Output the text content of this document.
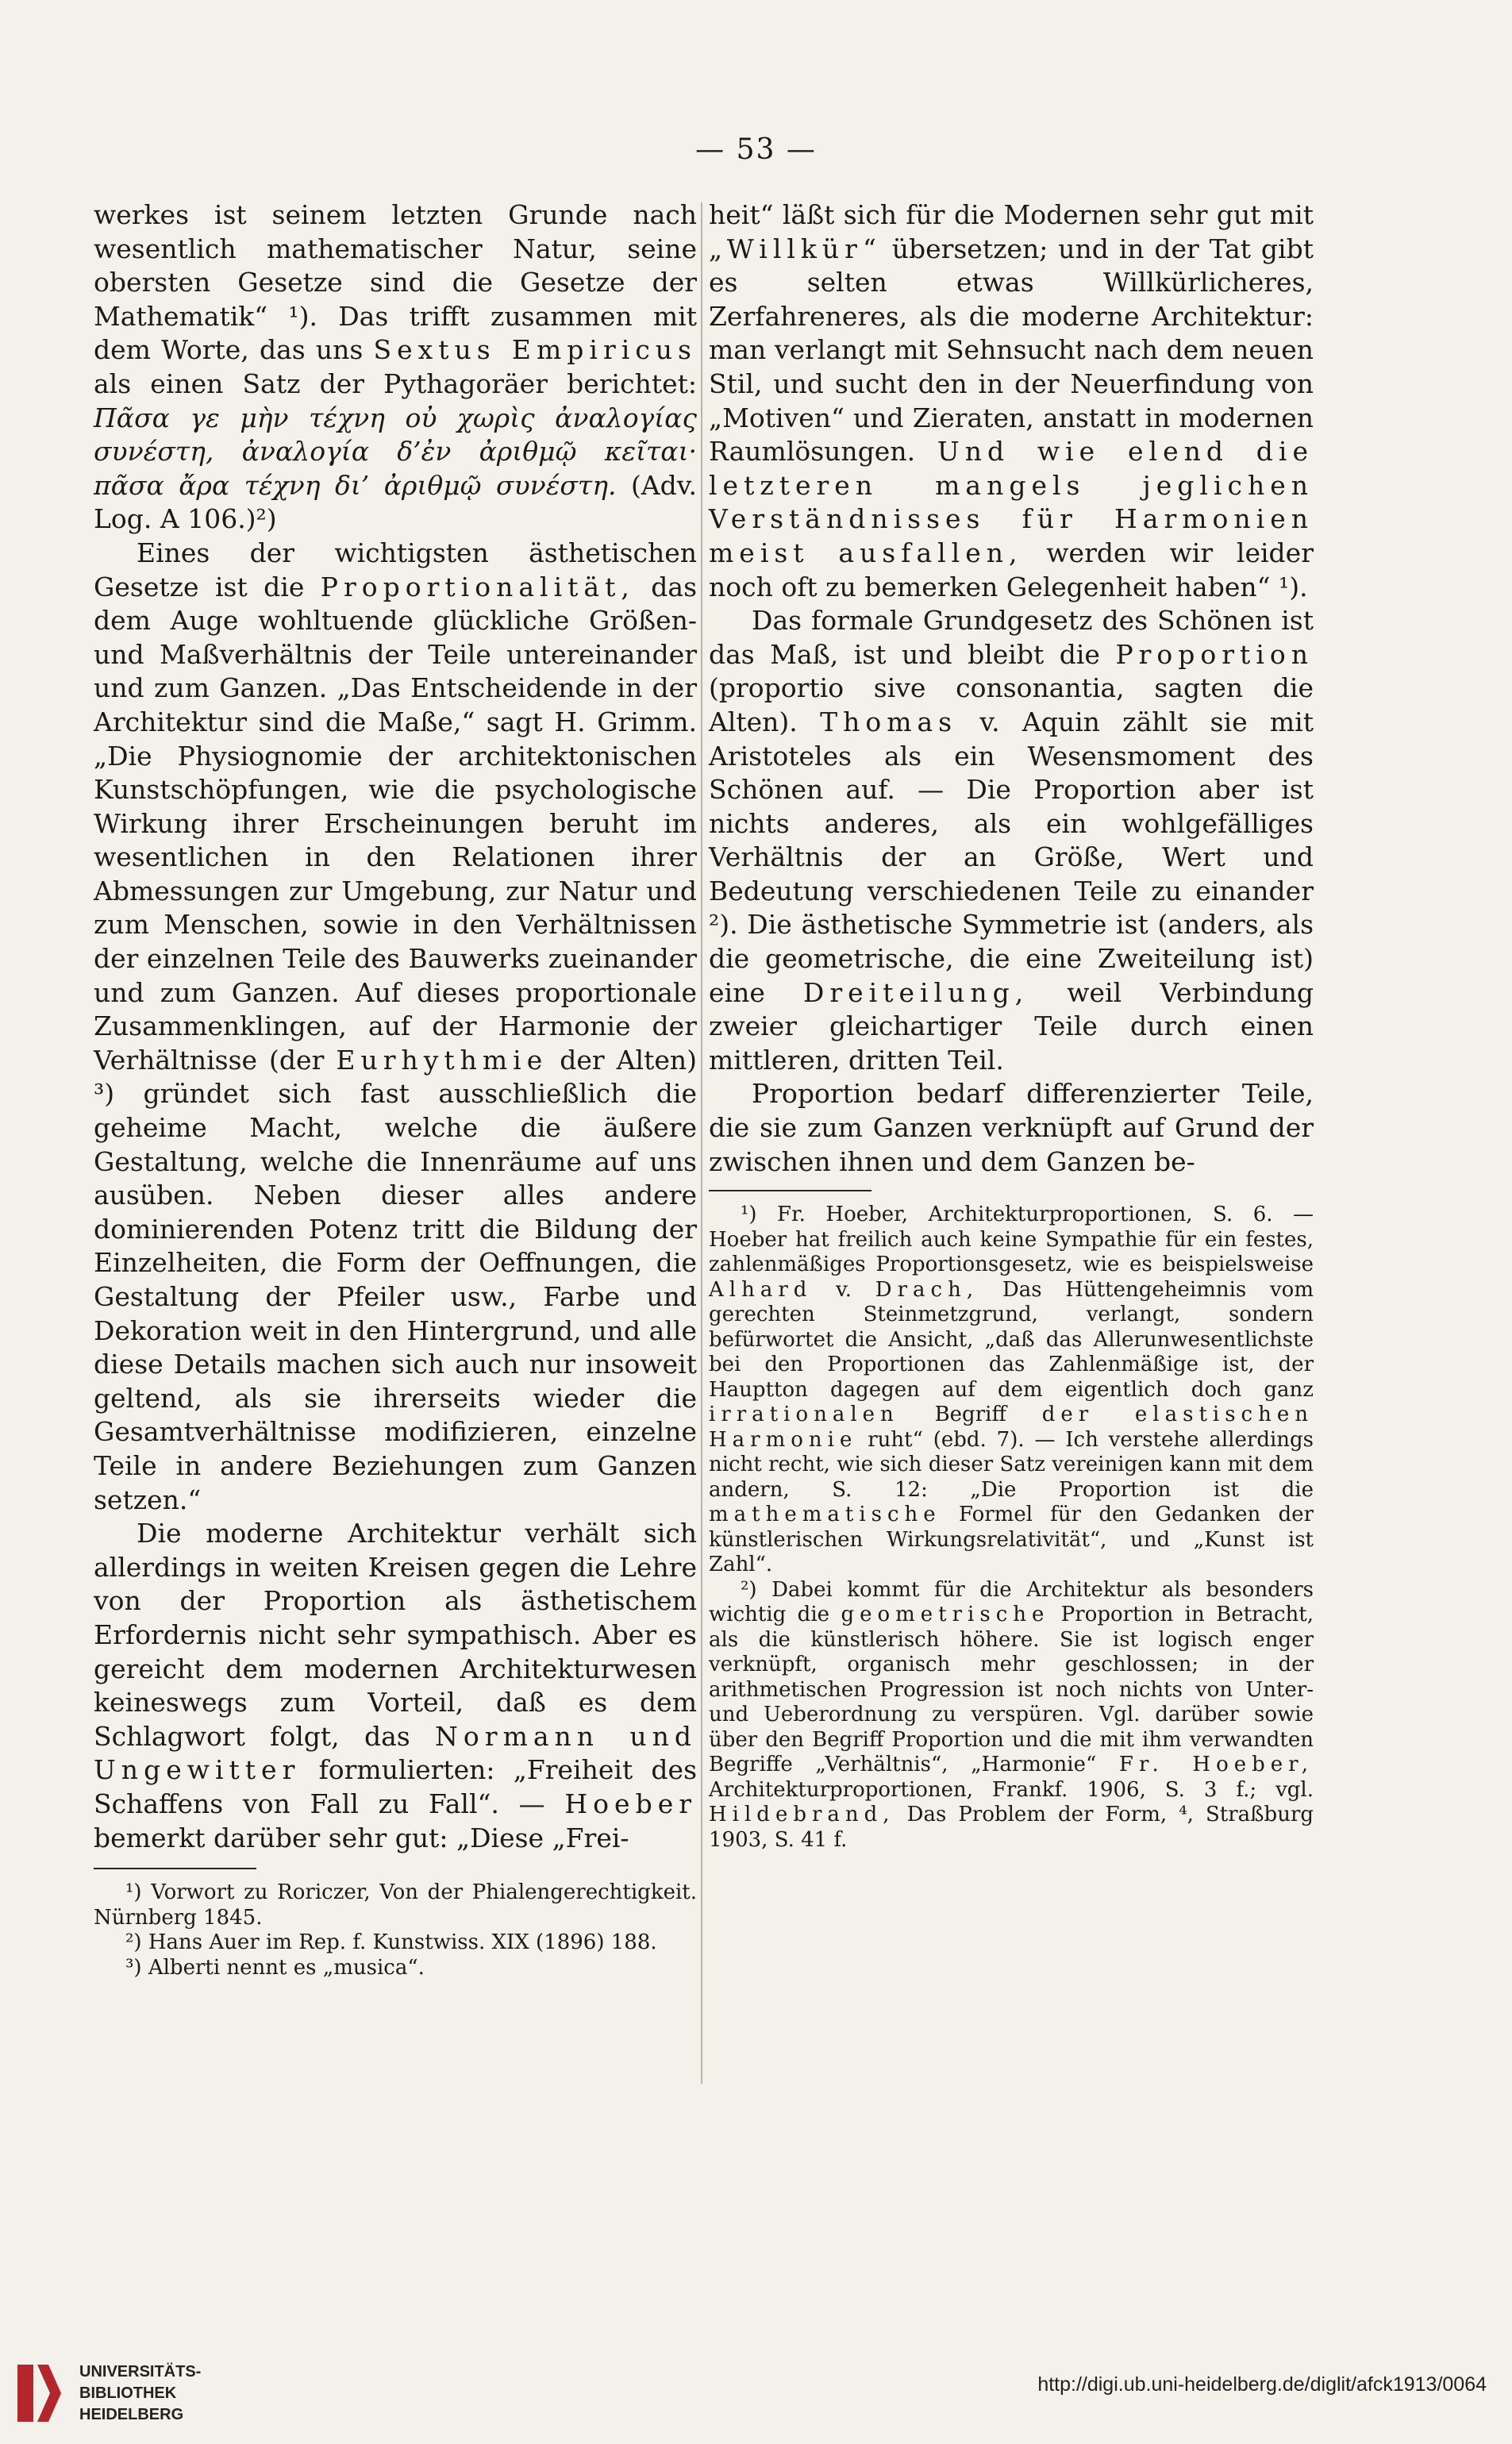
— 53 —

werkes ist seinem letzten Grunde nach wesentlich mathematischer Natur, seine obersten Gesetze sind die Gesetze der Mathematik“ ¹). Das trifft zusammen mit dem Worte, das uns Sextus Empiricus als einen Satz der Pythagoräer berichtet: Πᾶσα γε μὴν τέχνη οὐ χωρὶς ἀναλογίας συνέστη, ἀναλογία δ’ἐν ἀριθμῷ κεῖται· πᾶσα ἄρα τέχνη δι’ ἀριθμῷ συνέστη. (Adv. Log. A 106.)²)

Eines der wichtigsten ästhetischen Gesetze ist die Proportionalität, das dem Auge wohltuende glückliche Größen- und Maßverhältnis der Teile untereinander und zum Ganzen. „Das Entscheidende in der Architektur sind die Maße,“ sagt H. Grimm. „Die Physiognomie der architektonischen Kunstschöpfungen, wie die psychologische Wirkung ihrer Erscheinungen beruht im wesentlichen in den Relationen ihrer Abmessungen zur Umgebung, zur Natur und zum Menschen, sowie in den Verhältnissen der einzelnen Teile des Bauwerks zueinander und zum Ganzen. Auf dieses proportionale Zusammenklingen, auf der Harmonie der Verhältnisse (der Eurhythmie der Alten) ³) gründet sich fast ausschließlich die geheime Macht, welche die äußere Gestaltung, welche die Innenräume auf uns ausüben. Neben dieser alles andere dominierenden Potenz tritt die Bildung der Einzelheiten, die Form der Oeffnungen, die Gestaltung der Pfeiler usw., Farbe und Dekoration weit in den Hintergrund, und alle diese Details machen sich auch nur insoweit geltend, als sie ihrerseits wieder die Gesamtverhältnisse modifizieren, einzelne Teile in andere Beziehungen zum Ganzen setzen.“

Die moderne Architektur verhält sich allerdings in weiten Kreisen gegen die Lehre von der Proportion als ästhetischem Erfordernis nicht sehr sympathisch. Aber es gereicht dem modernen Architekturwesen keineswegs zum Vorteil, daß es dem Schlagwort folgt, das Normann und Ungewitter formulierten: „Freiheit des Schaffens von Fall zu Fall“. — Hoeber bemerkt darüber sehr gut: „Diese „Frei-

¹) Vorwort zu Roriczer, Von der Phialengerechtigkeit. Nürnberg 1845.

²) Hans Auer im Rep. f. Kunstwiss. XIX (1896) 188.

³) Alberti nennt es „musica“.

heit“ läßt sich für die Modernen sehr gut mit „Willkür“ übersetzen; und in der Tat gibt es selten etwas Willkürlicheres, Zerfahreneres, als die moderne Architektur: man verlangt mit Sehnsucht nach dem neuen Stil, und sucht den in der Neuerfindung von „Motiven“ und Zieraten, anstatt in modernen Raumlösungen. Und wie elend die letzteren mangels jeglichen Verständnisses für Harmonien meist ausfallen, werden wir leider noch oft zu bemerken Gelegenheit haben“ ¹).

Das formale Grundgesetz des Schönen ist das Maß, ist und bleibt die Proportion (proportio sive consonantia, sagten die Alten). Thomas v. Aquin zählt sie mit Aristoteles als ein Wesensmoment des Schönen auf. — Die Proportion aber ist nichts anderes, als ein wohlgefälliges Verhältnis der an Größe, Wert und Bedeutung verschiedenen Teile zu einander ²). Die ästhetische Symmetrie ist (anders, als die geometrische, die eine Zweiteilung ist) eine Dreiteilung, weil Verbindung zweier gleichartiger Teile durch einen mittleren, dritten Teil.

Proportion bedarf differenzierter Teile, die sie zum Ganzen verknüpft auf Grund der zwischen ihnen und dem Ganzen be-

¹) Fr. Hoeber, Architekturproportionen, S. 6. — Hoeber hat freilich auch keine Sympathie für ein festes, zahlenmäßiges Proportionsgesetz, wie es beispielsweise Alhard v. Drach, Das Hüttengeheimnis vom gerechten Steinmetzgrund, verlangt, sondern befürwortet die Ansicht, „daß das Allerunwesentlichste bei den Proportionen das Zahlenmäßige ist, der Hauptton dagegen auf dem eigentlich doch ganz irrationalen Begriff der elastischen Harmonie ruht“ (ebd. 7). — Ich verstehe allerdings nicht recht, wie sich dieser Satz vereinigen kann mit dem andern, S. 12: „Die Proportion ist die mathematische Formel für den Gedanken der künstlerischen Wirkungsrelativität“, und „Kunst ist Zahl“.

²) Dabei kommt für die Architektur als besonders wichtig die geometrische Proportion in Betracht, als die künstlerisch höhere. Sie ist logisch enger verknüpft, organisch mehr geschlossen; in der arithmetischen Progression ist noch nichts von Unter- und Ueberordnung zu verspüren. Vgl. darüber sowie über den Begriff Proportion und die mit ihm verwandten Begriffe „Verhältnis“, „Harmonie“ Fr. Hoeber, Architekturproportionen, Frankf. 1906, S. 3 f.; vgl. Hildebrand, Das Problem der Form, ⁴, Straßburg 1903, S. 41 f.

UNIVERSITÄTS-
BIBLIOTHEK
HEIDELBERG
http://digi.ub.uni-heidelberg.de/diglit/afck1913/0064
